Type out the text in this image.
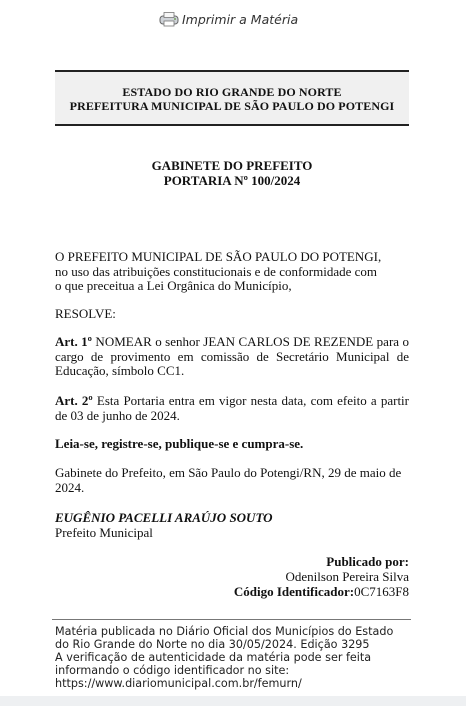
Imprimir a Matéria
ESTADO DO RIO GRANDE DO NORTE
PREFEITURA MUNICIPAL DE SÃO PAULO DO POTENGI
GABINETE DO PREFEITO
PORTARIA Nº 100/2024
O PREFEITO MUNICIPAL DE SÃO PAULO DO POTENGI,
no uso das atribuições constitucionais e de conformidade com
o que preceitua a Lei Orgânica do Município,
RESOLVE:
Art. 1º NOMEAR o senhor JEAN CARLOS DE REZENDE para o cargo de provimento em comissão de Secretário Municipal de Educação, símbolo CC1.
Art. 2º Esta Portaria entra em vigor nesta data, com efeito a partir de 03 de junho de 2024.
Leia-se, registre-se, publique-se e cumpra-se.
Gabinete do Prefeito, em São Paulo do Potengi/RN, 29 de maio de 2024.
EUGÊNIO PACELLI ARAÚJO SOUTO
Prefeito Municipal
Publicado por:
Odenilson Pereira Silva
Código Identificador:0C7163F8
Matéria publicada no Diário Oficial dos Municípios do Estado
do Rio Grande do Norte no dia 30/05/2024. Edição 3295
A verificação de autenticidade da matéria pode ser feita
informando o código identificador no site:
https://www.diariomunicipal.com.br/femurn/
